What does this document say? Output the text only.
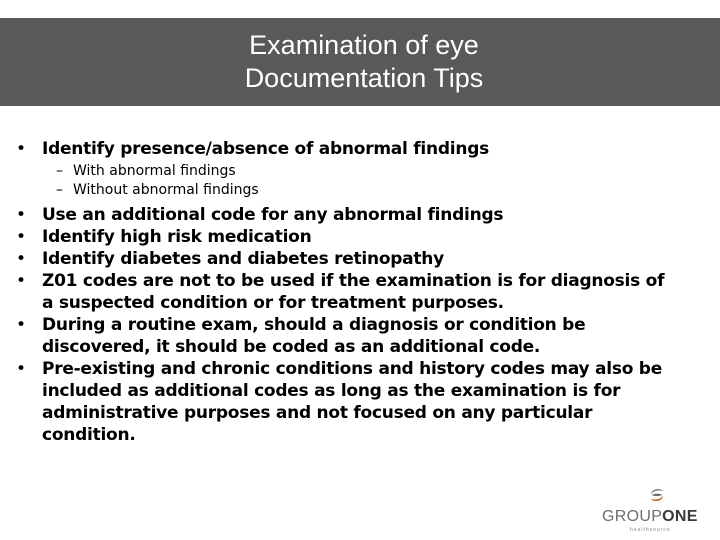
Examination of eye
Documentation Tips
• Identify presence/absence of abnormal findings
– With abnormal findings
– Without abnormal findings
• Use an additional code for any abnormal findings
• Identify high risk medication
• Identify diabetes and diabetes retinopathy
• Z01 codes are not to be used if the examination is for diagnosis of a suspected condition or for treatment purposes.
• During a routine exam, should a diagnosis or condition be discovered, it should be coded as an additional code.
• Pre-existing and chronic conditions and history codes may also be included as additional codes as long as the examination is for administrative purposes and not focused on any particular condition.
GROUPONE
healthsource
